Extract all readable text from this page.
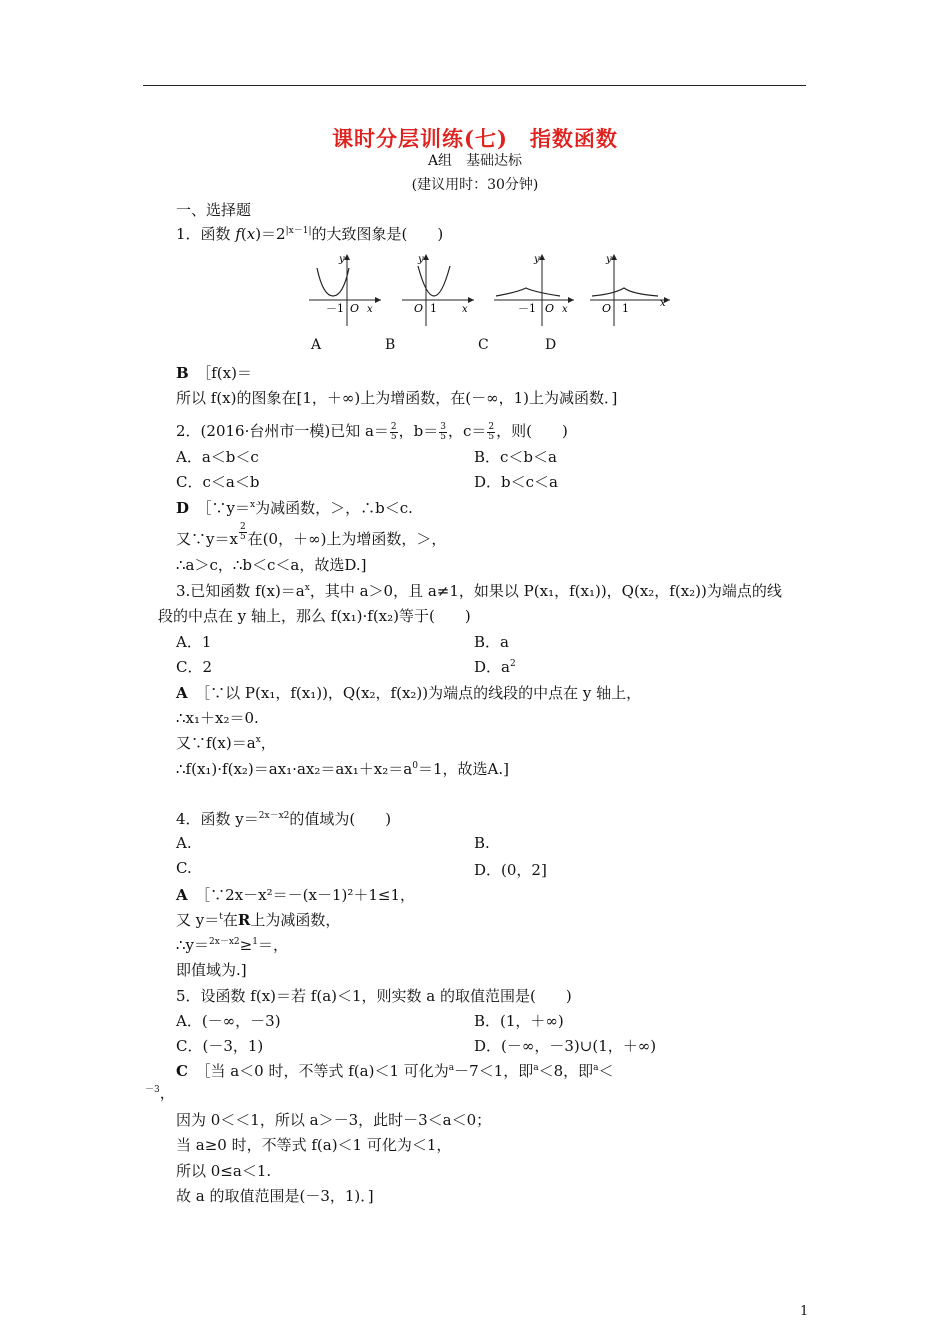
课时分层训练(七)　指数函数
A组　基础达标
(建议用时：30分钟)
一、选择题
1．函数 $f(x)=2^{|x-1|}$的大致图象是(　　)
y
x
－1 O
y
x
O 1
y
x
－1 O
y
x
O 1
A	B	C	D
B　 ［f(x)＝
所以 f(x)的图象在[1，＋∞)上为增函数，在(－∞，1)上为减函数．]
2．(2016·台州市一模)已知 $a= \frac{2}{5}$ ，$b= \frac{3}{5}$ ，$c= \frac{2}{5}$ ，则(　　)
A．a＜b＜c	B．c＜b＜a
C．c＜a＜b	D．b＜c＜a
D　 ［∵y＝$^x$为减函数，＞，∴b＜c.
又∵y＝x $\frac{2}{5}$ 在(0，＋∞)上为增函数，＞，
∴a＞c，∴b＜c＜a，故选D.]
3.已知函数 $f(x)=a^x$，其中 a＞0，且 a≠1，如果以 P(x₁，f(x₁))，Q(x₂，f(x₂))为端点的线
段的中点在 y 轴上，那么 f(x₁)·f(x₂)等于(　　)
A．1	B．a
C．2	D．$a^2$
A　 ［∵以 P(x₁，f(x₁))，Q(x₂，f(x₂))为端点的线段的中点在 y 轴上，
∴x₁＋x₂＝0.
又$\because f(x)=a^x$，
$\therefore f(x_1)\cdot f(x_2)=ax_1\cdot ax_2=ax_1+x_2=a^0=1$，故选A.]
4．函数 y＝$^{2x-x2}$的值域为(　　)
A.	B.
C.	D．(0，2]
A　 ［∵2x－x²＝－(x－1)²＋1≤1，
又 y＝$^t$在R上为减函数，
∴y＝$^{2x-x2}$≥$^1$＝，
即值域为.]
5．设函数 f(x)＝若 f(a)＜1，则实数 a 的取值范围是(　　)
A．(－∞，－3)	B．(1，＋∞)
C．(－3，1)	D．(－∞，－3)∪(1，＋∞)
C　 ［当 a＜0 时，不等式 f(a)＜1 可化为$^a$－7＜1，即$^a$＜8，即$^a$＜
$^{-3}$，
因为 0＜＜1，所以 a＞－3，此时－3＜a＜0；
当 a≥0 时，不等式 f(a)＜1 可化为＜1，
所以 0≤a＜1.
故 a 的取值范围是(－3，1)．]
1
